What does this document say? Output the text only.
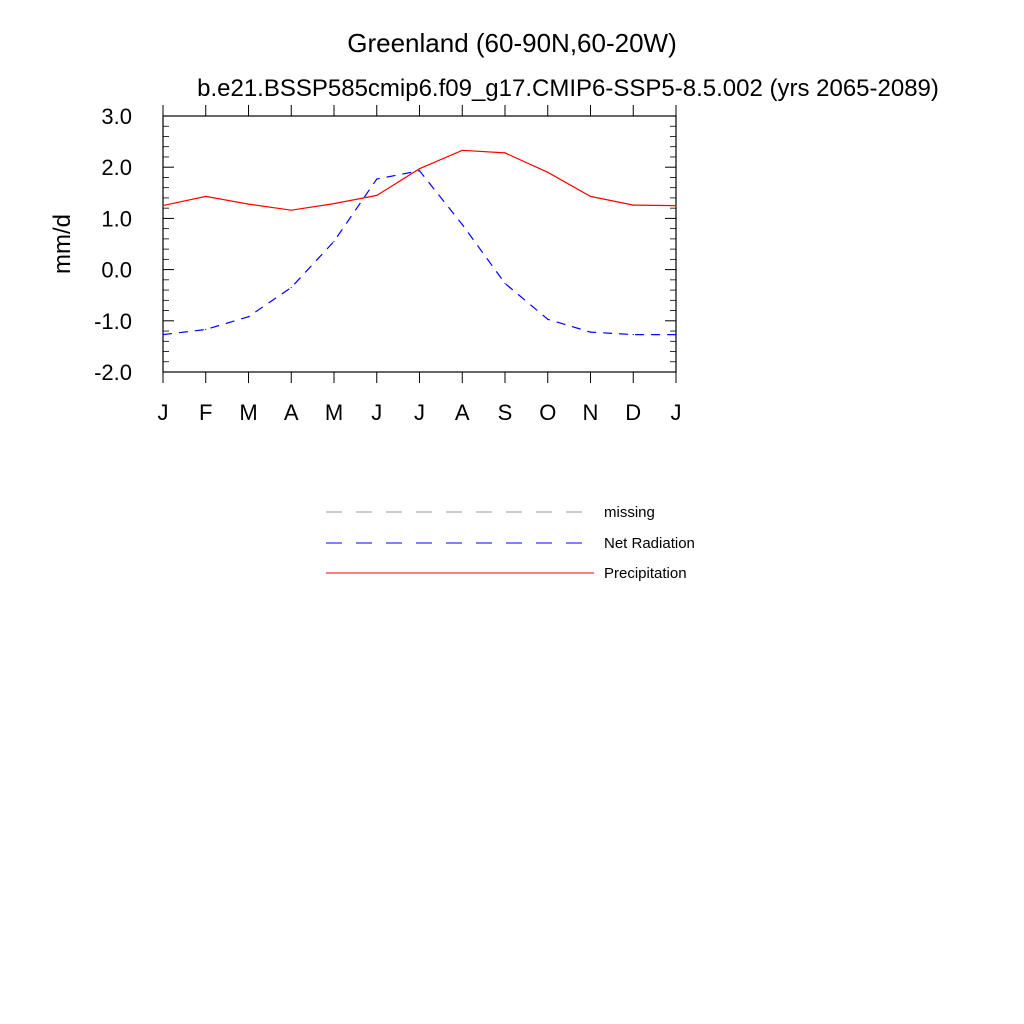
Greenland (60-90N,60-20W)
b.e21.BSSP585cmip6.f09_g17.CMIP6-SSP5-8.5.002 (yrs 2065-2089)
mm/d
3.0
2.0
1.0
0.0
-1.0
-2.0
J F M A M J J A S O N D J
missing
Net Radiation
Precipitation
